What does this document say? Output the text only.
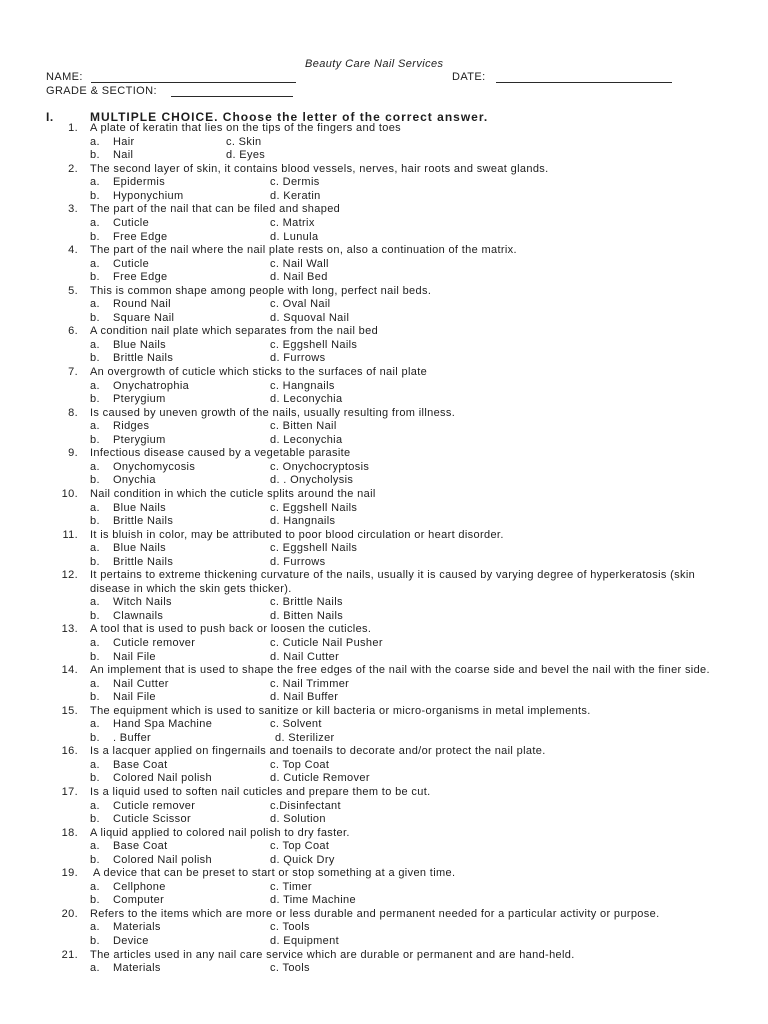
Beauty Care Nail Services
NAME:	DATE:
GRADE & SECTION:
I.	MULTIPLE CHOICE. Choose the letter of the correct answer.
1. A plate of keratin that lies on the tips of the fingers and toes
a. Hair	c. Skin
b. Nail	d. Eyes
2. The second layer of skin, it contains blood vessels, nerves, hair roots and sweat glands.
a. Epidermis	c. Dermis
b. Hyponychium	d. Keratin
3. The part of the nail that can be filed and shaped
a. Cuticle	c. Matrix
b. Free Edge	d. Lunula
4. The part of the nail where the nail plate rests on, also a continuation of the matrix.
a. Cuticle	c. Nail Wall
b. Free Edge	d. Nail Bed
5. This is common shape among people with long, perfect nail beds.
a. Round Nail	c. Oval Nail
b. Square Nail	d. Squoval Nail
6. A condition nail plate which separates from the nail bed
a. Blue Nails	c. Eggshell Nails
b. Brittle Nails	d. Furrows
7. An overgrowth of cuticle which sticks to the surfaces of nail plate
a. Onychatrophia	c. Hangnails
b. Pterygium	d. Leconychia
8. Is caused by uneven growth of the nails, usually resulting from illness.
a. Ridges	c. Bitten Nail
b. Pterygium	d. Leconychia
9. Infectious disease caused by a vegetable parasite
a. Onychomycosis	c. Onychocryptosis
b. Onychia	d. . Onycholysis
10. Nail condition in which the cuticle splits around the nail
a. Blue Nails	c. Eggshell Nails
b. Brittle Nails	d. Hangnails
11. It is bluish in color, may be attributed to poor blood circulation or heart disorder.
a. Blue Nails	c. Eggshell Nails
b. Brittle Nails	d. Furrows
12. It pertains to extreme thickening curvature of the nails, usually it is caused by varying degree of hyperkeratosis (skin
disease in which the skin gets thicker).
a. Witch Nails	c. Brittle Nails
b. Clawnails	d. Bitten Nails
13. A tool that is used to push back or loosen the cuticles.
a. Cuticle remover	c. Cuticle Nail Pusher
b. Nail File	d. Nail Cutter
14. An implement that is used to shape the free edges of the nail with the coarse side and bevel the nail with the finer side.
a. Nail Cutter	c. Nail Trimmer
b. Nail File	d. Nail Buffer
15. The equipment which is used to sanitize or kill bacteria or micro-organisms in metal implements.
a. Hand Spa Machine	c. Solvent
b. . Buffer	d. Sterilizer
16. Is a lacquer applied on fingernails and toenails to decorate and/or protect the nail plate.
a. Base Coat	c. Top Coat
b. Colored Nail polish	d. Cuticle Remover
17. Is a liquid used to soften nail cuticles and prepare them to be cut.
a. Cuticle remover	c.Disinfectant
b. Cuticle Scissor	d. Solution
18. A liquid applied to colored nail polish to dry faster.
a. Base Coat	c. Top Coat
b. Colored Nail polish	d. Quick Dry
19. A device that can be preset to start or stop something at a given time.
a. Cellphone	c. Timer
b. Computer	d. Time Machine
20. Refers to the items which are more or less durable and permanent needed for a particular activity or purpose.
a. Materials	c. Tools
b. Device	d. Equipment
21. The articles used in any nail care service which are durable or permanent and are hand-held.
a. Materials	c. Tools
